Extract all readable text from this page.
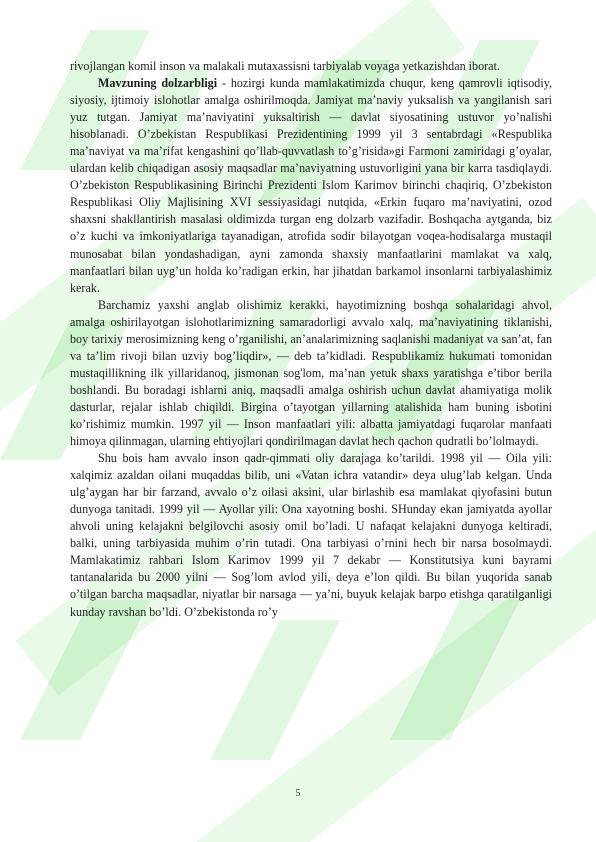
rivojlangan komil inson va malakali mutaxassisni tarbiyalab voyaga yetkazishdan iborat.

Mavzuning dolzarbligi - hozirgi kunda mamlakatimizda chuqur, keng qamrovli iqtisodiy, siyosiy, ijtimoiy islohotlar amalga oshirilmoqda. Jamiyat ma’naviy yuksalish va yangilanish sari yuz tutgan. Jamiyat ma’naviyatini yuksaltirish — davlat siyosatining ustuvor yo’nalishi hisoblanadi. O’zbekistan Respublikasi Prezidentining 1999 yil 3 sentabrdagi «Respublika ma’naviyat va ma’rifat kengashini qo’llab-quvvatlash to’g’risida»gi Farmoni zamiridagi g’oyalar, ulardan kelib chiqadigan asosiy maqsadlar ma’naviyatning ustuvorligini yana bir karra tasdiqlaydi. O’zbekiston Respublikasining Birinchi Prezidenti Islom Karimov birinchi chaqiriq, O’zbekiston Respublikasi Oliy Majlisining XVI sessiyasidagi nutqida, «Erkin fuqaro ma’naviyatini, ozod shaxsni shakllantirish masalasi oldimizda turgan eng dolzarb vazifadir. Boshqacha aytganda, biz o’z kuchi va imkoniyatlariga tayanadigan, atrofida sodir bilayotgan voqea-hodisalarga mustaqil munosabat bilan yondashadigan, ayni zamonda shaxsiy manfaatlarini mamlakat va xalq, manfaatlari bilan uyg’un holda ko’radigan erkin, har jihatdan barkamol insonlarni tarbiyalashimiz kerak.

Barchamiz yaxshi anglab olishimiz kerakki, hayotimizning boshqa sohalaridagi ahvol, amalga oshirilayotgan islohotlarimizning samaradorligi avvalo xalq, ma’naviyatining tiklanishi, boy tarixiy merosimizning keng o’rganilishi, an’analarimizning saqlanishi madaniyat va san’at, fan va ta’lim rivoji bilan uzviy bog’liqdir», — deb ta’kidladi. Respublikamiz hukumati tomonidan mustaqillikning ilk yillaridanoq, jismonan sog'lom, ma’nan yetuk shaxs yaratishga e’tibor berila boshlandi. Bu boradagi ishlarni aniq, maqsadli amalga oshirish uchun davlat ahamiyatiga molik dasturlar, rejalar ishlab chiqildi. Birgina o’tayotgan yillarning atalishida ham buning isbotini ko’rishimiz mumkin. 1997 yil — Inson manfaatlari yili: albatta jamiyatdagi fuqarolar manfaati himoya qilinmagan, ularning ehtiyojlari qondirilmagan davlat hech qachon qudratli bo’lolmaydi.

Shu bois ham avvalo inson qadr-qimmati oliy darajaga ko’tarildi. 1998 yil — Oila yili: xalqimiz azaldan oilani muqaddas bilib, uni «Vatan ichra vatandir» deya ulug’lab kelgan. Unda ulg’aygan har bir farzand, avvalo o’z oilasi aksini, ular birlashib esa mamlakat qiyofasini butun dunyoga tanitadi. 1999 yil — Ayollar yili: Ona xayotning boshi. SHunday ekan jamiyatda ayollar ahvoli uning kelajakni belgilovchi asosiy omil bo’ladi. U nafaqat kelajakni dunyoga keltiradi, balki, uning tarbiyasida muhim o’rin tutadi. Ona tarbiyasi o’rnini hech bir narsa bosolmaydi. Mamlakatimiz rahbari Islom Karimov 1999 yil 7 dekabr — Konstitutsiya kuni bayrami tantanalarida bu 2000 yilni — Sog’lom avlod yili, deya e’lon qildi. Bu bilan yuqorida sanab o’tilgan barcha maqsadlar, niyatlar bir narsaga — ya’ni, buyuk kelajak barpo etishga qaratilganligi kunday ravshan bo’ldi. O’zbekistonda ro’y

5
